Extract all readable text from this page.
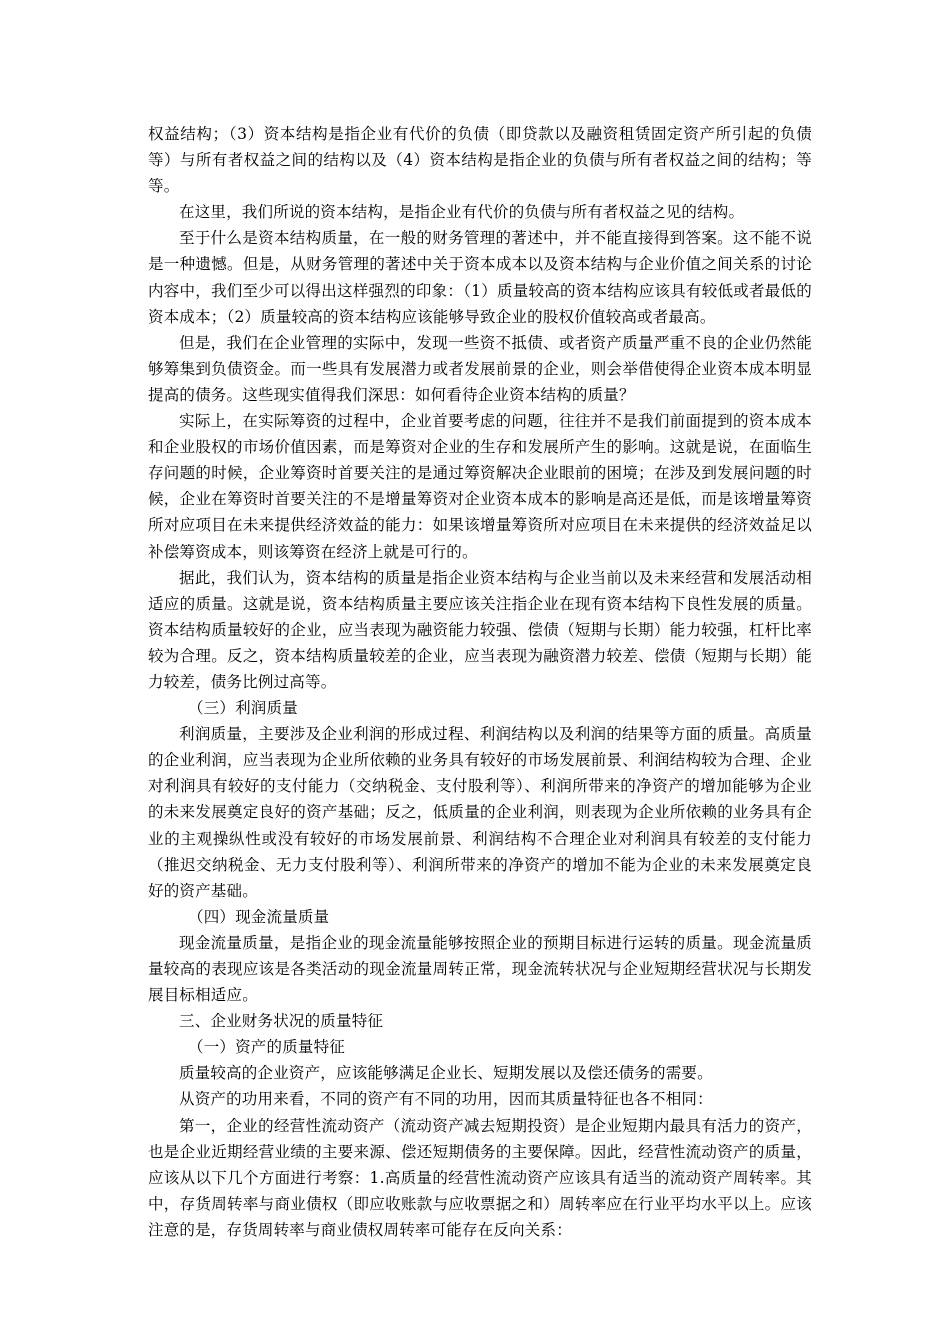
权益结构；（3）资本结构是指企业有代价的负债（即贷款以及融资租赁固定资产所引起的负债等）与所有者权益之间的结构以及（4）资本结构是指企业的负债与所有者权益之间的结构；等等。

在这里，我们所说的资本结构，是指企业有代价的负债与所有者权益之见的结构。

至于什么是资本结构质量，在一般的财务管理的著述中，并不能直接得到答案。这不能不说是一种遗憾。但是，从财务管理的著述中关于资本成本以及资本结构与企业价值之间关系的讨论内容中，我们至少可以得出这样强烈的印象：（1）质量较高的资本结构应该具有较低或者最低的资本成本；（2）质量较高的资本结构应该能够导致企业的股权价值较高或者最高。

但是，我们在企业管理的实际中，发现一些资不抵债、或者资产质量严重不良的企业仍然能够筹集到负债资金。而一些具有发展潜力或者发展前景的企业，则会举借使得企业资本成本明显提高的债务。这些现实值得我们深思：如何看待企业资本结构的质量？

实际上，在实际筹资的过程中，企业首要考虑的问题，往往并不是我们前面提到的资本成本和企业股权的市场价值因素，而是筹资对企业的生存和发展所产生的影响。这就是说，在面临生存问题的时候，企业筹资时首要关注的是通过筹资解决企业眼前的困境；在涉及到发展问题的时候，企业在筹资时首要关注的不是增量筹资对企业资本成本的影响是高还是低，而是该增量筹资所对应项目在未来提供经济效益的能力：如果该增量筹资所对应项目在未来提供的经济效益足以补偿筹资成本，则该筹资在经济上就是可行的。

据此，我们认为，资本结构的质量是指企业资本结构与企业当前以及未来经营和发展活动相适应的质量。这就是说，资本结构质量主要应该关注指企业在现有资本结构下良性发展的质量。资本结构质量较好的企业，应当表现为融资能力较强、偿债（短期与长期）能力较强，杠杆比率较为合理。反之，资本结构质量较差的企业，应当表现为融资潜力较差、偿债（短期与长期）能力较差，债务比例过高等。

（三）利润质量

利润质量，主要涉及企业利润的形成过程、利润结构以及利润的结果等方面的质量。高质量的企业利润，应当表现为企业所依赖的业务具有较好的市场发展前景、利润结构较为合理、企业对利润具有较好的支付能力（交纳税金、支付股利等）、利润所带来的净资产的增加能够为企业的未来发展奠定良好的资产基础；反之，低质量的企业利润，则表现为企业所依赖的业务具有企业的主观操纵性或没有较好的市场发展前景、利润结构不合理企业对利润具有较差的支付能力（推迟交纳税金、无力支付股利等）、利润所带来的净资产的增加不能为企业的未来发展奠定良好的资产基础。

（四）现金流量质量

现金流量质量，是指企业的现金流量能够按照企业的预期目标进行运转的质量。现金流量质量较高的表现应该是各类活动的现金流量周转正常，现金流转状况与企业短期经营状况与长期发展目标相适应。

三、企业财务状况的质量特征

（一）资产的质量特征

质量较高的企业资产，应该能够满足企业长、短期发展以及偿还债务的需要。

从资产的功用来看，不同的资产有不同的功用，因而其质量特征也各不相同：

第一，企业的经营性流动资产（流动资产减去短期投资）是企业短期内最具有活力的资产，也是企业近期经营业绩的主要来源、偿还短期债务的主要保障。因此，经营性流动资产的质量，应该从以下几个方面进行考察：1.高质量的经营性流动资产应该具有适当的流动资产周转率。其中，存货周转率与商业债权（即应收账款与应收票据之和）周转率应在行业平均水平以上。应该注意的是，存货周转率与商业债权周转率可能存在反向关系：
